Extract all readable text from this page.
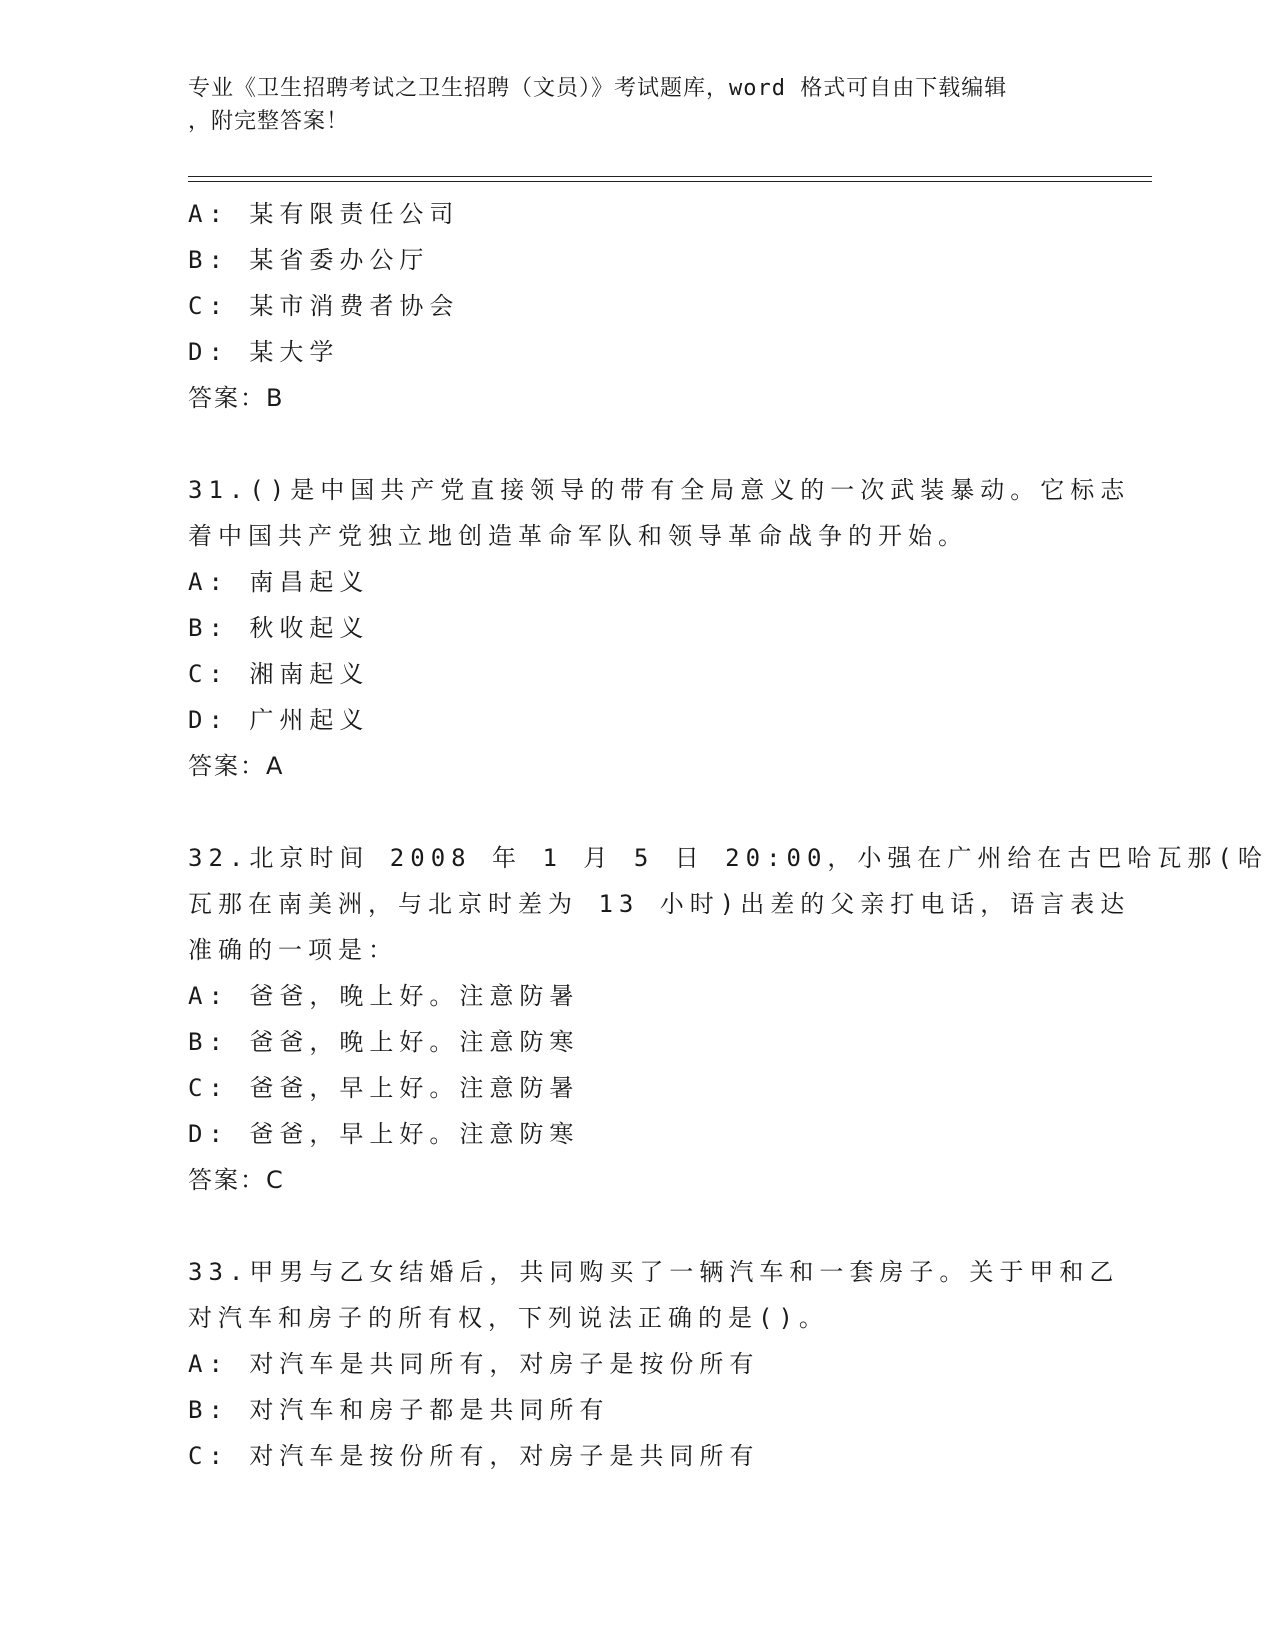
专业《卫生招聘考试之卫生招聘（文员）》考试题库，word 格式可自由下载编辑
，附完整答案！
A: 某有限责任公司
B: 某省委办公厅
C: 某市消费者协会
D: 某大学
答案：B
31.()是中国共产党直接领导的带有全局意义的一次武装暴动。它标志
着中国共产党独立地创造革命军队和领导革命战争的开始。
A: 南昌起义
B: 秋收起义
C: 湘南起义
D: 广州起义
答案：A
32.北京时间 2008 年 1 月 5 日 20:00，小强在广州给在古巴哈瓦那(哈
瓦那在南美洲，与北京时差为 13 小时)出差的父亲打电话，语言表达
准确的一项是：
A: 爸爸，晚上好。注意防暑
B: 爸爸，晚上好。注意防寒
C: 爸爸，早上好。注意防暑
D: 爸爸，早上好。注意防寒
答案：C
33.甲男与乙女结婚后，共同购买了一辆汽车和一套房子。关于甲和乙
对汽车和房子的所有权，下列说法正确的是()。
A: 对汽车是共同所有，对房子是按份所有
B: 对汽车和房子都是共同所有
C: 对汽车是按份所有，对房子是共同所有
